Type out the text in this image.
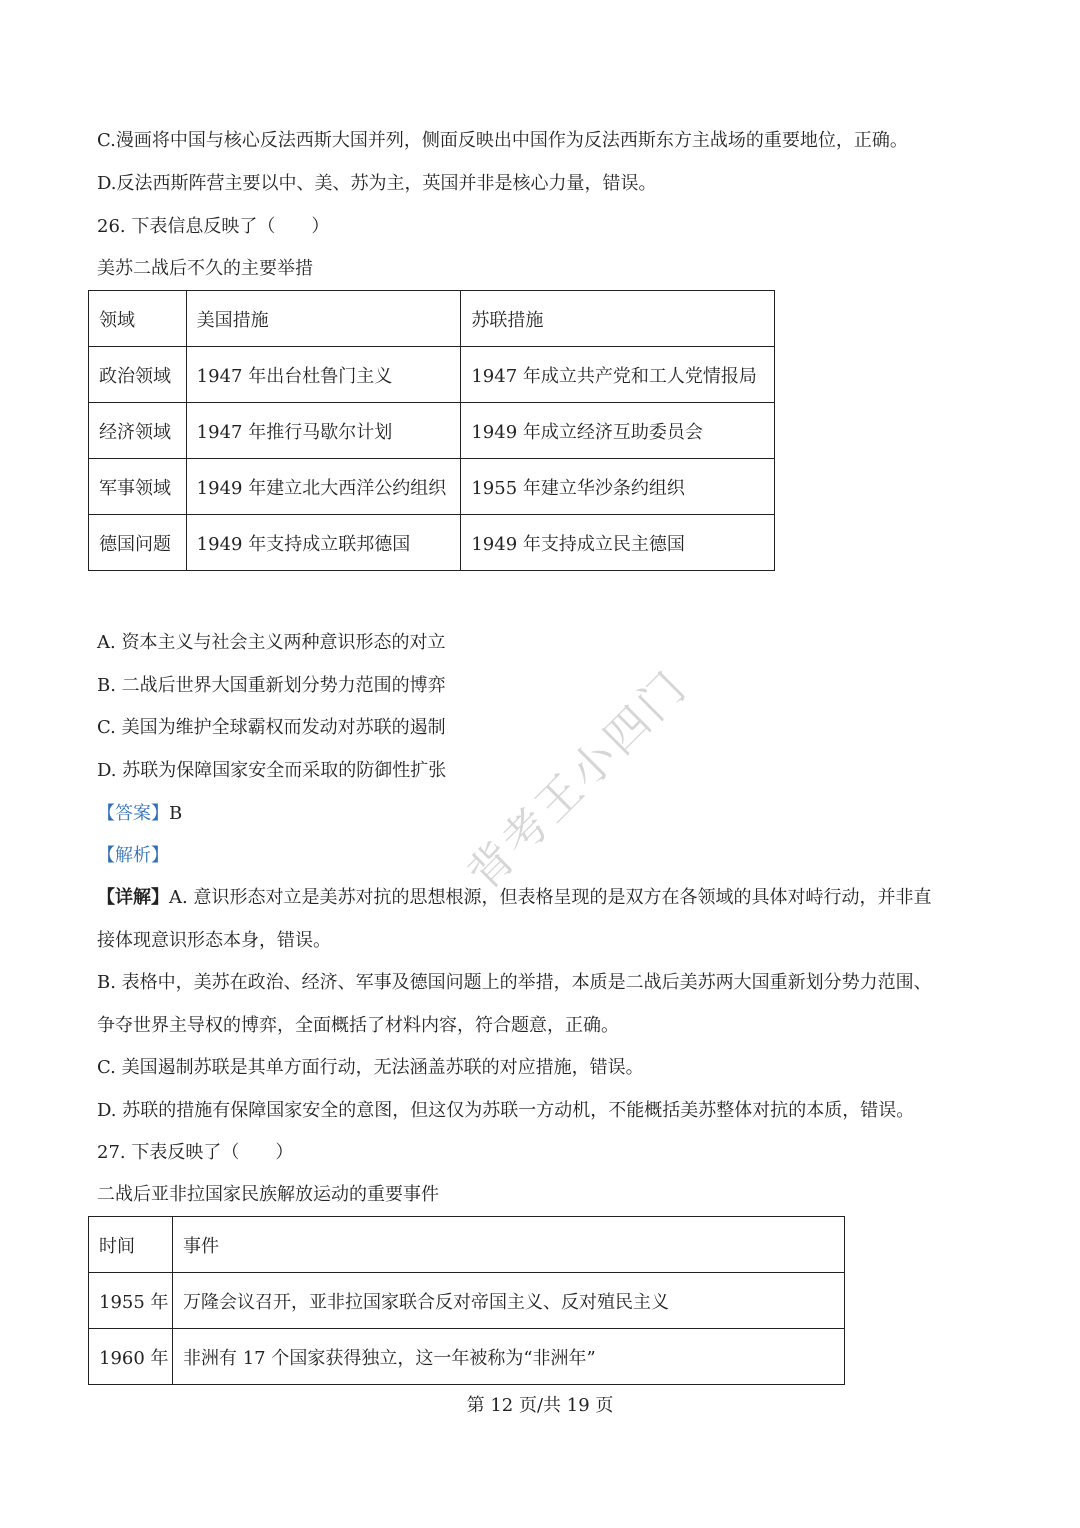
C.漫画将中国与核心反法西斯大国并列，侧面反映出中国作为反法西斯东方主战场的重要地位，正确。
D.反法西斯阵营主要以中、美、苏为主，英国并非是核心力量，错误。
26. 下表信息反映了（　　）
美苏二战后不久的主要举措
领域	美国措施	苏联措施
政治领域	1947 年出台杜鲁门主义	1947 年成立共产党和工人党情报局
经济领域	1947 年推行马歇尔计划	1949 年成立经济互助委员会
军事领域	1949 年建立北大西洋公约组织	1955 年建立华沙条约组织
德国问题	1949 年支持成立联邦德国	1949 年支持成立民主德国
A. 资本主义与社会主义两种意识形态的对立
B. 二战后世界大国重新划分势力范围的博弈
C. 美国为维护全球霸权而发动对苏联的遏制
D. 苏联为保障国家安全而采取的防御性扩张
【答案】B
【解析】
【详解】A. 意识形态对立是美苏对抗的思想根源，但表格呈现的是双方在各领域的具体对峙行动，并非直
接体现意识形态本身，错误。
B. 表格中，美苏在政治、经济、军事及德国问题上的举措，本质是二战后美苏两大国重新划分势力范围、
争夺世界主导权的博弈，全面概括了材料内容，符合题意，正确。
C. 美国遏制苏联是其单方面行动，无法涵盖苏联的对应措施，错误。
D. 苏联的措施有保障国家安全的意图，但这仅为苏联一方动机，不能概括美苏整体对抗的本质，错误。
27. 下表反映了（　　）
二战后亚非拉国家民族解放运动的重要事件
时间	事件
1955 年	万隆会议召开，亚非拉国家联合反对帝国主义、反对殖民主义
1960 年	非洲有 17 个国家获得独立，这一年被称为“非洲年”
背考王小四门
第 12 页/共 19 页
